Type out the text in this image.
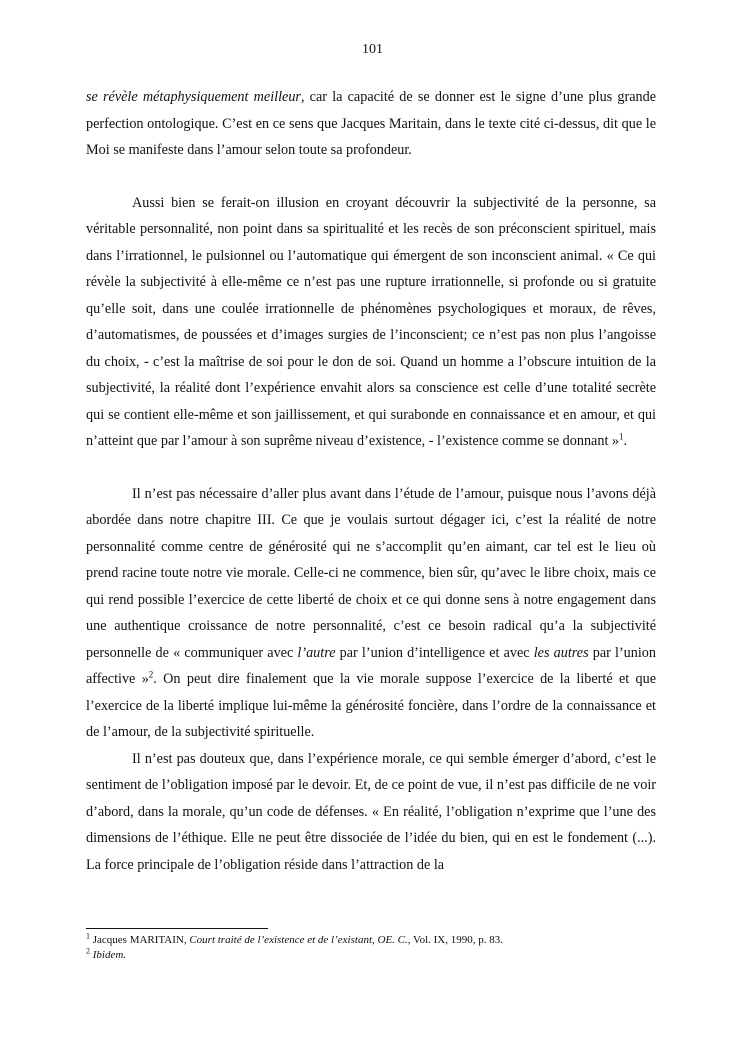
101

se révèle métaphysiquement meilleur, car la capacité de se donner est le signe d’une plus grande perfection ontologique. C’est en ce sens que Jacques Maritain, dans le texte cité ci-dessus, dit que le Moi se manifeste dans l’amour selon toute sa profondeur.

Aussi bien se ferait-on illusion en croyant découvrir la subjectivité de la personne, sa véritable personnalité, non point dans sa spiritualité et les recès de son préconscient spirituel, mais dans l’irrationnel, le pulsionnel ou l’automatique qui émergent de son inconscient animal. « Ce qui révèle la subjectivité à elle-même ce n’est pas une rupture irrationnelle, si profonde ou si gratuite qu’elle soit, dans une coulée irrationnelle de phénomènes psychologiques et moraux, de rêves, d’automatismes, de poussées et d’images surgies de l’inconscient; ce n’est pas non plus l’angoisse du choix, - c’est la maîtrise de soi pour le don de soi. Quand un homme a l’obscure intuition de la subjectivité, la réalité dont l’expérience envahit alors sa conscience est celle d’une totalité secrète qui se contient elle-même et son jaillissement, et qui surabonde en connaissance et en amour, et qui n’atteint que par l’amour à son suprême niveau d’existence, - l’existence comme se donnant »$^1$.

Il n’est pas nécessaire d’aller plus avant dans l’étude de l’amour, puisque nous l’avons déjà abordée dans notre chapitre III. Ce que je voulais surtout dégager ici, c’est la réalité de notre personnalité comme centre de générosité qui ne s’accomplit qu’en aimant, car tel est le lieu où prend racine toute notre vie morale. Celle-ci ne commence, bien sûr, qu’avec le libre choix, mais ce qui rend possible l’exercice de cette liberté de choix et ce qui donne sens à notre engagement dans une authentique croissance de notre personnalité, c’est ce besoin radical qu’a la subjectivité personnelle de « communiquer avec l’autre par l’union d’intelligence et avec les autres par l’union affective »$^2$. On peut dire finalement que la vie morale suppose l’exercice de la liberté et que l’exercice de la liberté implique lui-même la générosité foncière, dans l’ordre de la connaissance et de l’amour, de la subjectivité spirituelle.

Il n’est pas douteux que, dans l’expérience morale, ce qui semble émerger d’abord, c’est le sentiment de l’obligation imposé par le devoir. Et, de ce point de vue, il n’est pas difficile de ne voir d’abord, dans la morale, qu’un code de défenses. « En réalité, l’obligation n’exprime que l’une des dimensions de l’éthique. Elle ne peut être dissociée de l’idée du bien, qui en est le fondement (...). La force principale de l’obligation réside dans l’attraction de la

$^1$ Jacques MARITAIN, Court traité de l’existence et de l’existant, OE. C., Vol. IX, 1990, p. 83.
$^2$ Ibidem.
